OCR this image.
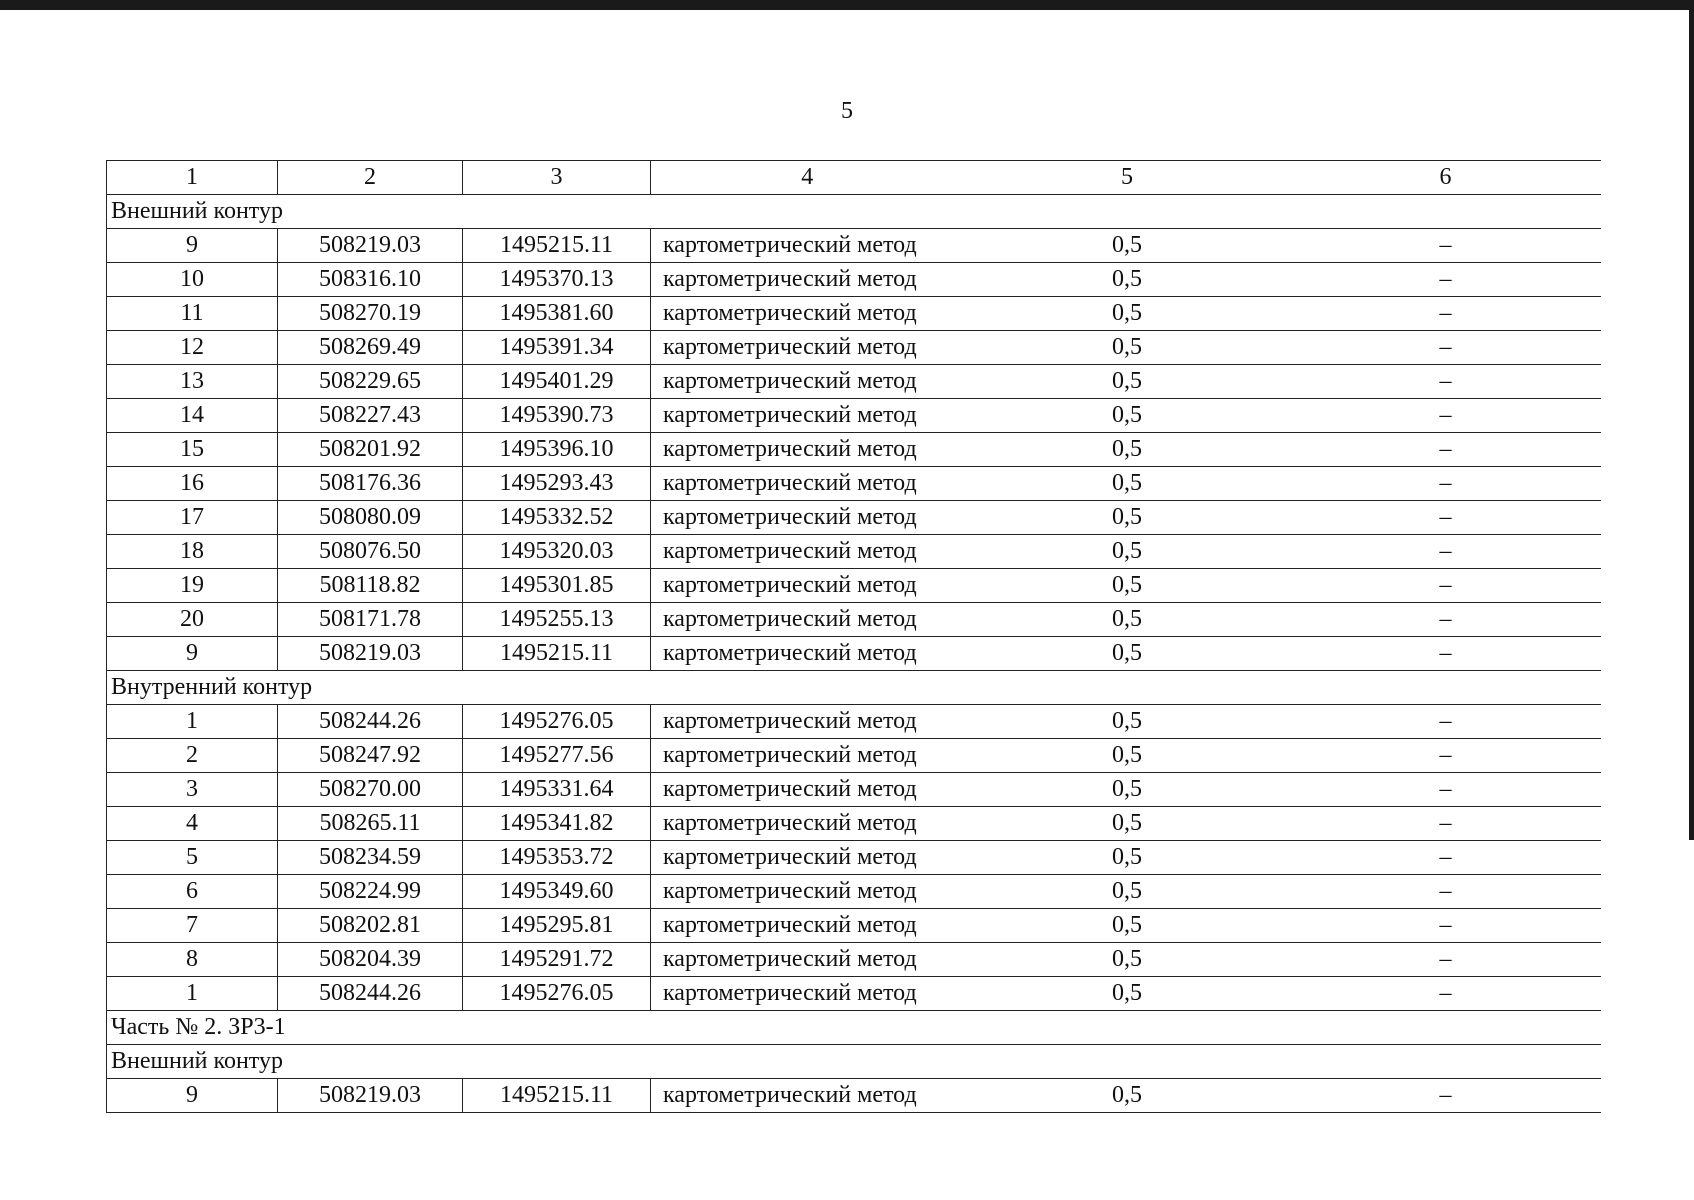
5
1	2	3	4	5	6
Внешний контур					
9	508219.03	1495215.11	картометрический метод	0,5	–
10	508316.10	1495370.13	картометрический метод	0,5	–
11	508270.19	1495381.60	картометрический метод	0,5	–
12	508269.49	1495391.34	картометрический метод	0,5	–
13	508229.65	1495401.29	картометрический метод	0,5	–
14	508227.43	1495390.73	картометрический метод	0,5	–
15	508201.92	1495396.10	картометрический метод	0,5	–
16	508176.36	1495293.43	картометрический метод	0,5	–
17	508080.09	1495332.52	картометрический метод	0,5	–
18	508076.50	1495320.03	картометрический метод	0,5	–
19	508118.82	1495301.85	картометрический метод	0,5	–
20	508171.78	1495255.13	картометрический метод	0,5	–
9	508219.03	1495215.11	картометрический метод	0,5	–
Внутренний контур					
1	508244.26	1495276.05	картометрический метод	0,5	–
2	508247.92	1495277.56	картометрический метод	0,5	–
3	508270.00	1495331.64	картометрический метод	0,5	–
4	508265.11	1495341.82	картометрический метод	0,5	–
5	508234.59	1495353.72	картометрический метод	0,5	–
6	508224.99	1495349.60	картометрический метод	0,5	–
7	508202.81	1495295.81	картометрический метод	0,5	–
8	508204.39	1495291.72	картометрический метод	0,5	–
1	508244.26	1495276.05	картометрический метод	0,5	–
Часть № 2. ЗР3-1					
Внешний контур					
9	508219.03	1495215.11	картометрический метод	0,5	–
